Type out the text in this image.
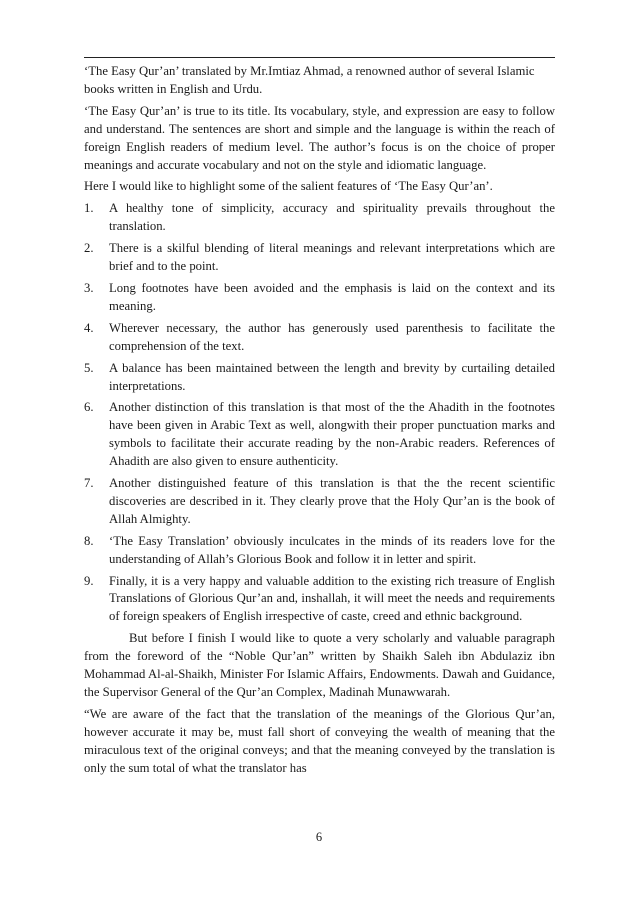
‘The Easy Qur’an’ translated by Mr.Imtiaz Ahmad, a renowned author of several Islamic books written in English and Urdu.

‘The Easy Qur’an’ is true to its title. Its vocabulary, style, and expression are easy to follow and understand. The sentences are short and simple and the language is within the reach of foreign English readers of medium level. The author’s focus is on the choice of proper meanings and accurate vocabulary and not on the style and idiomatic language.

Here I would like to highlight some of the salient features of ‘The Easy Qur’an’.

1.	A healthy tone of simplicity, accuracy and spirituality prevails throughout the translation.
2.	There is a skilful blending of literal meanings and relevant interpretations which are brief and to the point.
3.	Long footnotes have been avoided and the emphasis is laid on the context and its meaning.
4.	Wherever necessary, the author has generously used parenthesis to facilitate the comprehension of the text.
5.	A balance has been maintained between the length and brevity by curtailing detailed interpretations.
6.	Another distinction of this translation is that most of the the Ahadith in the footnotes have been given in Arabic Text as well, alongwith their proper punctuation marks and symbols to facilitate their accurate reading by the non-Arabic readers. References of Ahadith are also given to ensure authenticity.
7.	Another distinguished feature of this translation is that the the recent scientific discoveries are described in it. They clearly prove that the Holy Qur’an is the book of Allah Almighty.
8.	‘The Easy Translation’ obviously inculcates in the minds of its readers love for the understanding of Allah’s Glorious Book and follow it in letter and spirit.
9.	Finally, it is a very happy and valuable addition to the existing rich treasure of English Translations of Glorious Qur’an and, inshallah, it will meet the needs and requirements of foreign speakers of English irrespective of caste, creed and ethnic background.

But before I finish I would like to quote a very scholarly and valuable paragraph from the foreword of the “Noble Qur’an” written by Shaikh Saleh ibn Abdulaziz ibn Mohammad Al-al-Shaikh, Minister For Islamic Affairs, Endowments. Dawah and Guidance, the Supervisor General of the Qur’an Complex, Madinah Munawwarah.

“We are aware of the fact that the translation of the meanings of the Glorious Qur’an, however accurate it may be, must fall short of conveying the wealth of meaning that the miraculous text of the original conveys; and that the meaning conveyed by the translation is only the sum total of what the translator has

6
